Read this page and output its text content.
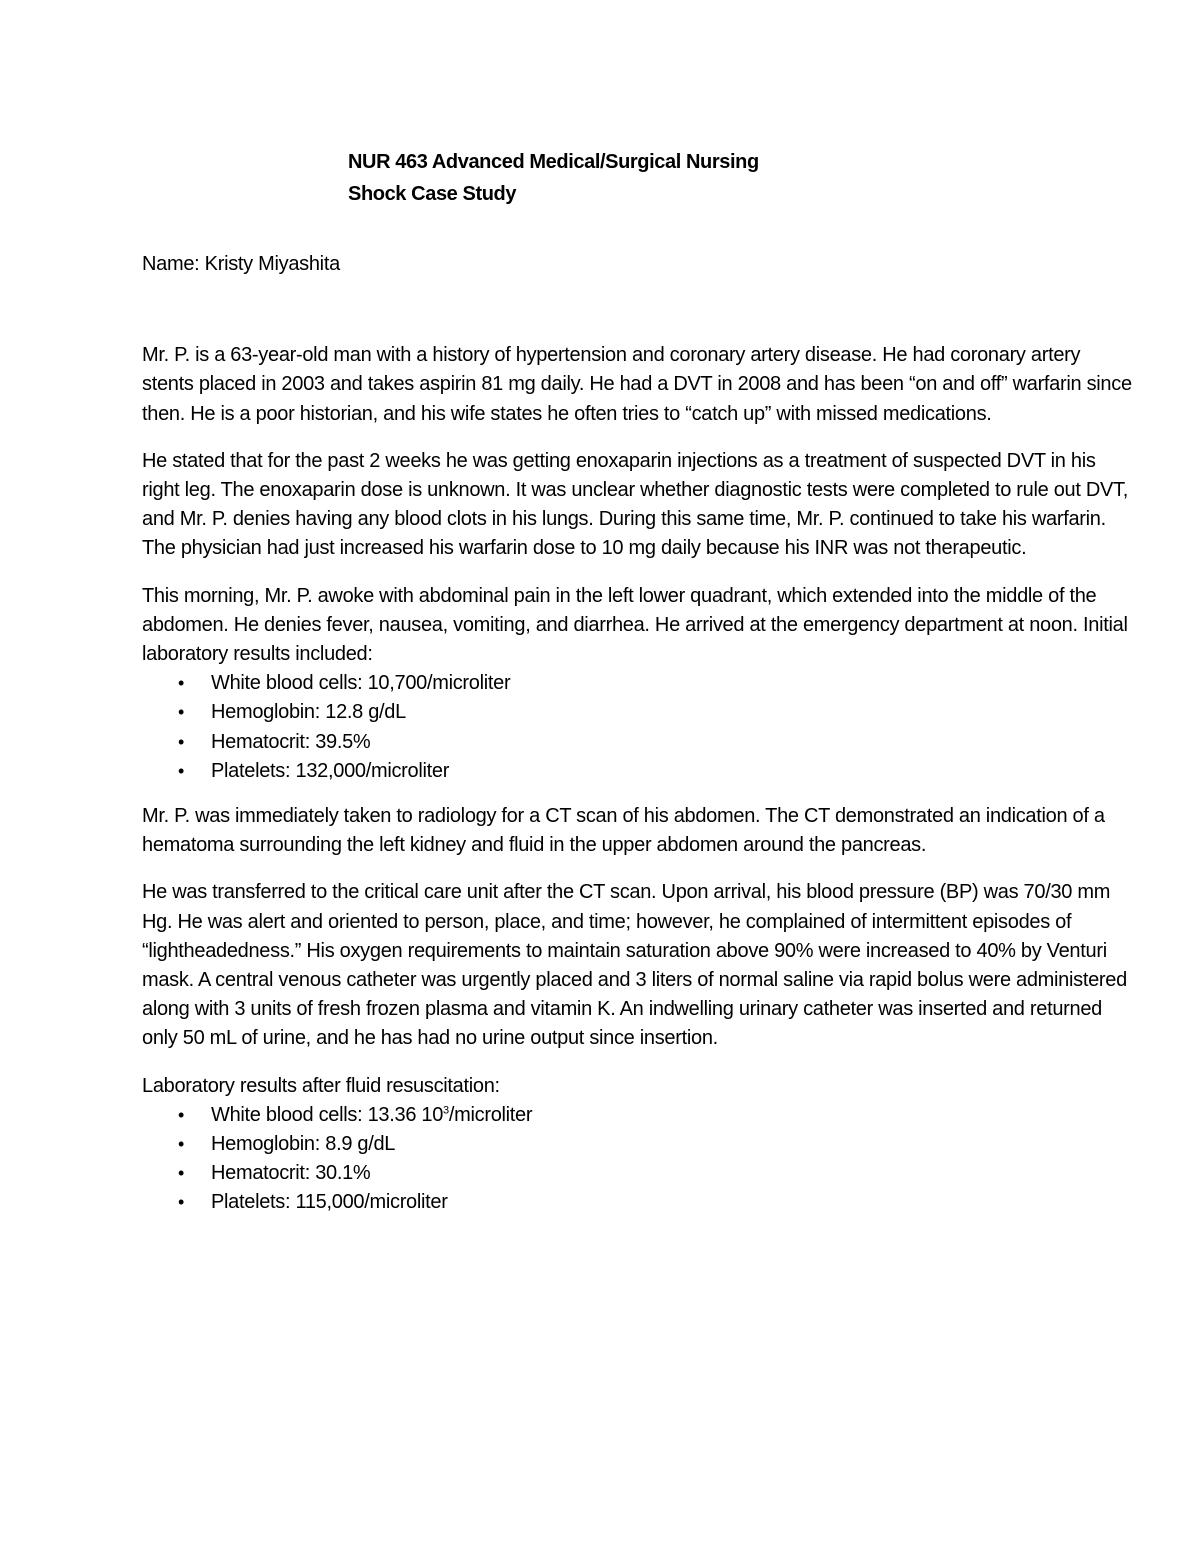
NUR 463 Advanced Medical/Surgical Nursing
Shock Case Study
Name: Kristy Miyashita

Mr. P. is a 63-year-old man with a history of hypertension and coronary artery disease. He had coronary artery stents placed in 2003 and takes aspirin 81 mg daily. He had a DVT in 2008 and has been “on and off” warfarin since then. He is a poor historian, and his wife states he often tries to “catch up” with missed medications.

He stated that for the past 2 weeks he was getting enoxaparin injections as a treatment of suspected DVT in his right leg. The enoxaparin dose is unknown. It was unclear whether diagnostic tests were completed to rule out DVT, and Mr. P. denies having any blood clots in his lungs. During this same time, Mr. P. continued to take his warfarin. The physician had just increased his warfarin dose to 10 mg daily because his INR was not therapeutic.

This morning, Mr. P. awoke with abdominal pain in the left lower quadrant, which extended into the middle of the abdomen. He denies fever, nausea, vomiting, and diarrhea. He arrived at the emergency department at noon. Initial laboratory results included:

• White blood cells: 10,700/microliter
• Hemoglobin: 12.8 g/dL
• Hematocrit: 39.5%
• Platelets: 132,000/microliter

Mr. P. was immediately taken to radiology for a CT scan of his abdomen. The CT demonstrated an indication of a hematoma surrounding the left kidney and fluid in the upper abdomen around the pancreas.

He was transferred to the critical care unit after the CT scan. Upon arrival, his blood pressure (BP) was 70/30 mm Hg. He was alert and oriented to person, place, and time; however, he complained of intermittent episodes of “lightheadedness.” His oxygen requirements to maintain saturation above 90% were increased to 40% by Venturi mask. A central venous catheter was urgently placed and 3 liters of normal saline via rapid bolus were administered along with 3 units of fresh frozen plasma and vitamin K. An indwelling urinary catheter was inserted and returned only 50 mL of urine, and he has had no urine output since insertion.

Laboratory results after fluid resuscitation:

• White blood cells: 13.36 $10^3$/microliter
• Hemoglobin: 8.9 g/dL
• Hematocrit: 30.1%
• Platelets: 115,000/microliter
